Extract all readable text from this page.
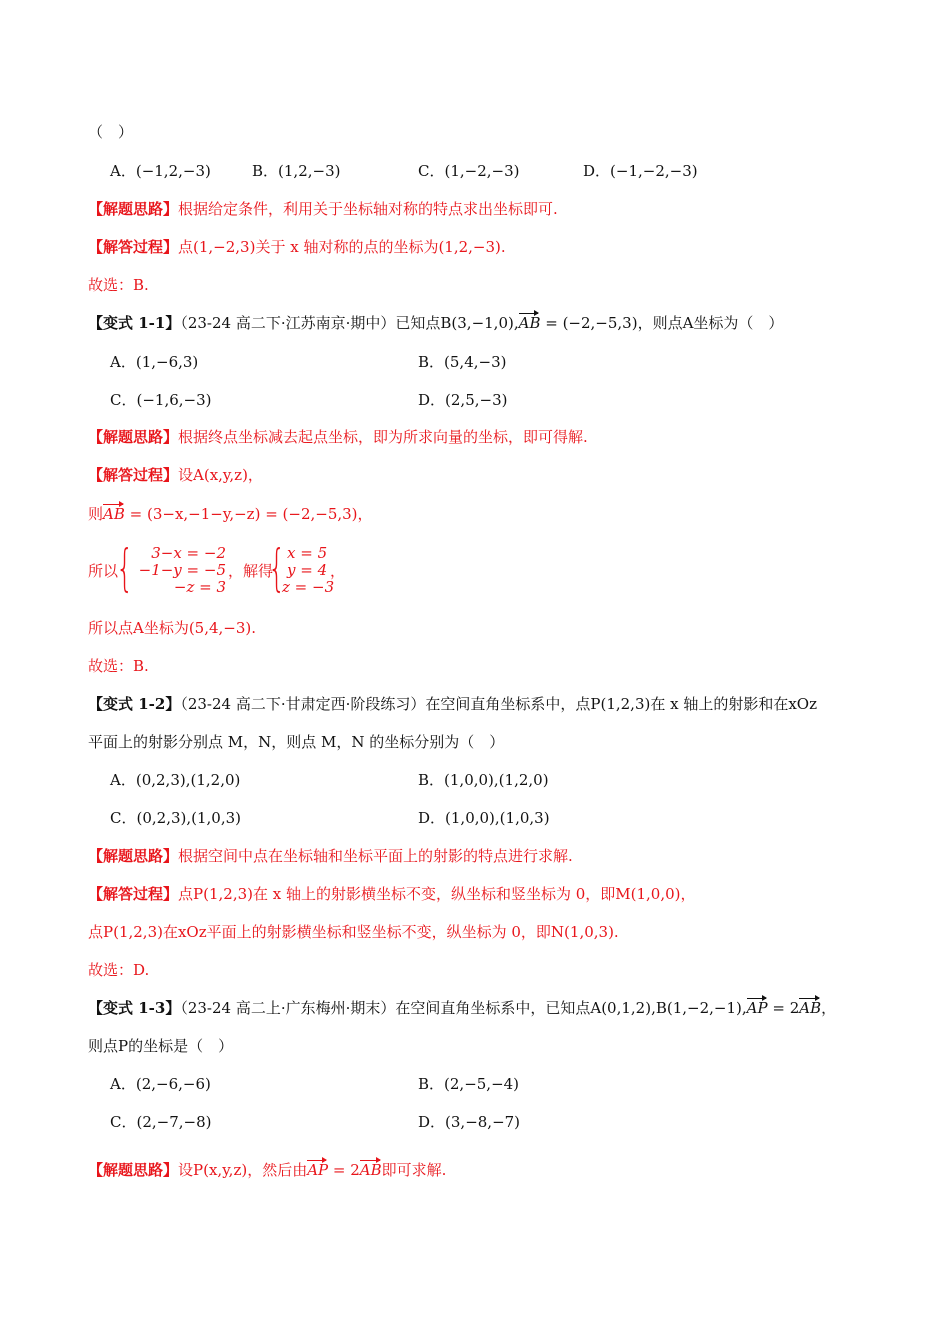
（　）
A．(−1,2,−3)	B．(1,2,−3)	C．(1,−2,−3)	D．(−1,−2,−3)
【解题思路】根据给定条件，利用关于坐标轴对称的特点求出坐标即可.
【解答过程】点(1,−2,3)关于 x 轴对称的点的坐标为(1,2,−3).
故选：B.
【变式 1-1】（23-24 高二下·江苏南京·期中）已知点B(3,−1,0),AB = (−2,−5,3)，则点A坐标为（　）
A．(1,−6,3)	B．(5,4,−3)
C．(−1,6,−3)	D．(2,5,−3)
【解题思路】根据终点坐标减去起点坐标，即为所求向量的坐标，即可得解.
【解答过程】设A(x,y,z)，
则AB = (3−x,−1−y,−z) = (−2,−5,3)，
所以
{	3−x = −2
−1−y = −5
−z = 3
，解得
{ x = 5
y = 4
z = −3
，
所以点A坐标为(5,4,−3).
故选：B.
【变式 1-2】（23-24 高二下·甘肃定西·阶段练习）在空间直角坐标系中，点P(1,2,3)在 x 轴上的射影和在xOz
平面上的射影分别点 M，N，则点 M，N 的坐标分别为（　）
A．(0,2,3),(1,2,0)	B．(1,0,0),(1,2,0)
C．(0,2,3),(1,0,3)	D．(1,0,0),(1,0,3)
【解题思路】根据空间中点在坐标轴和坐标平面上的射影的特点进行求解.
【解答过程】点P(1,2,3)在 x 轴上的射影横坐标不变，纵坐标和竖坐标为 0，即M(1,0,0)，
点P(1,2,3)在xOz平面上的射影横坐标和竖坐标不变，纵坐标为 0，即N(1,0,3).
故选：D.
【变式 1-3】（23-24 高二上·广东梅州·期末）在空间直角坐标系中，已知点A(0,1,2),B(1,−2,−1),AP = 2AB，
则点P的坐标是（　）
A．(2,−6,−6)	B．(2,−5,−4)
C．(2,−7,−8)	D．(3,−8,−7)
【解题思路】设P(x,y,z)，然后由AP = 2AB即可求解.
